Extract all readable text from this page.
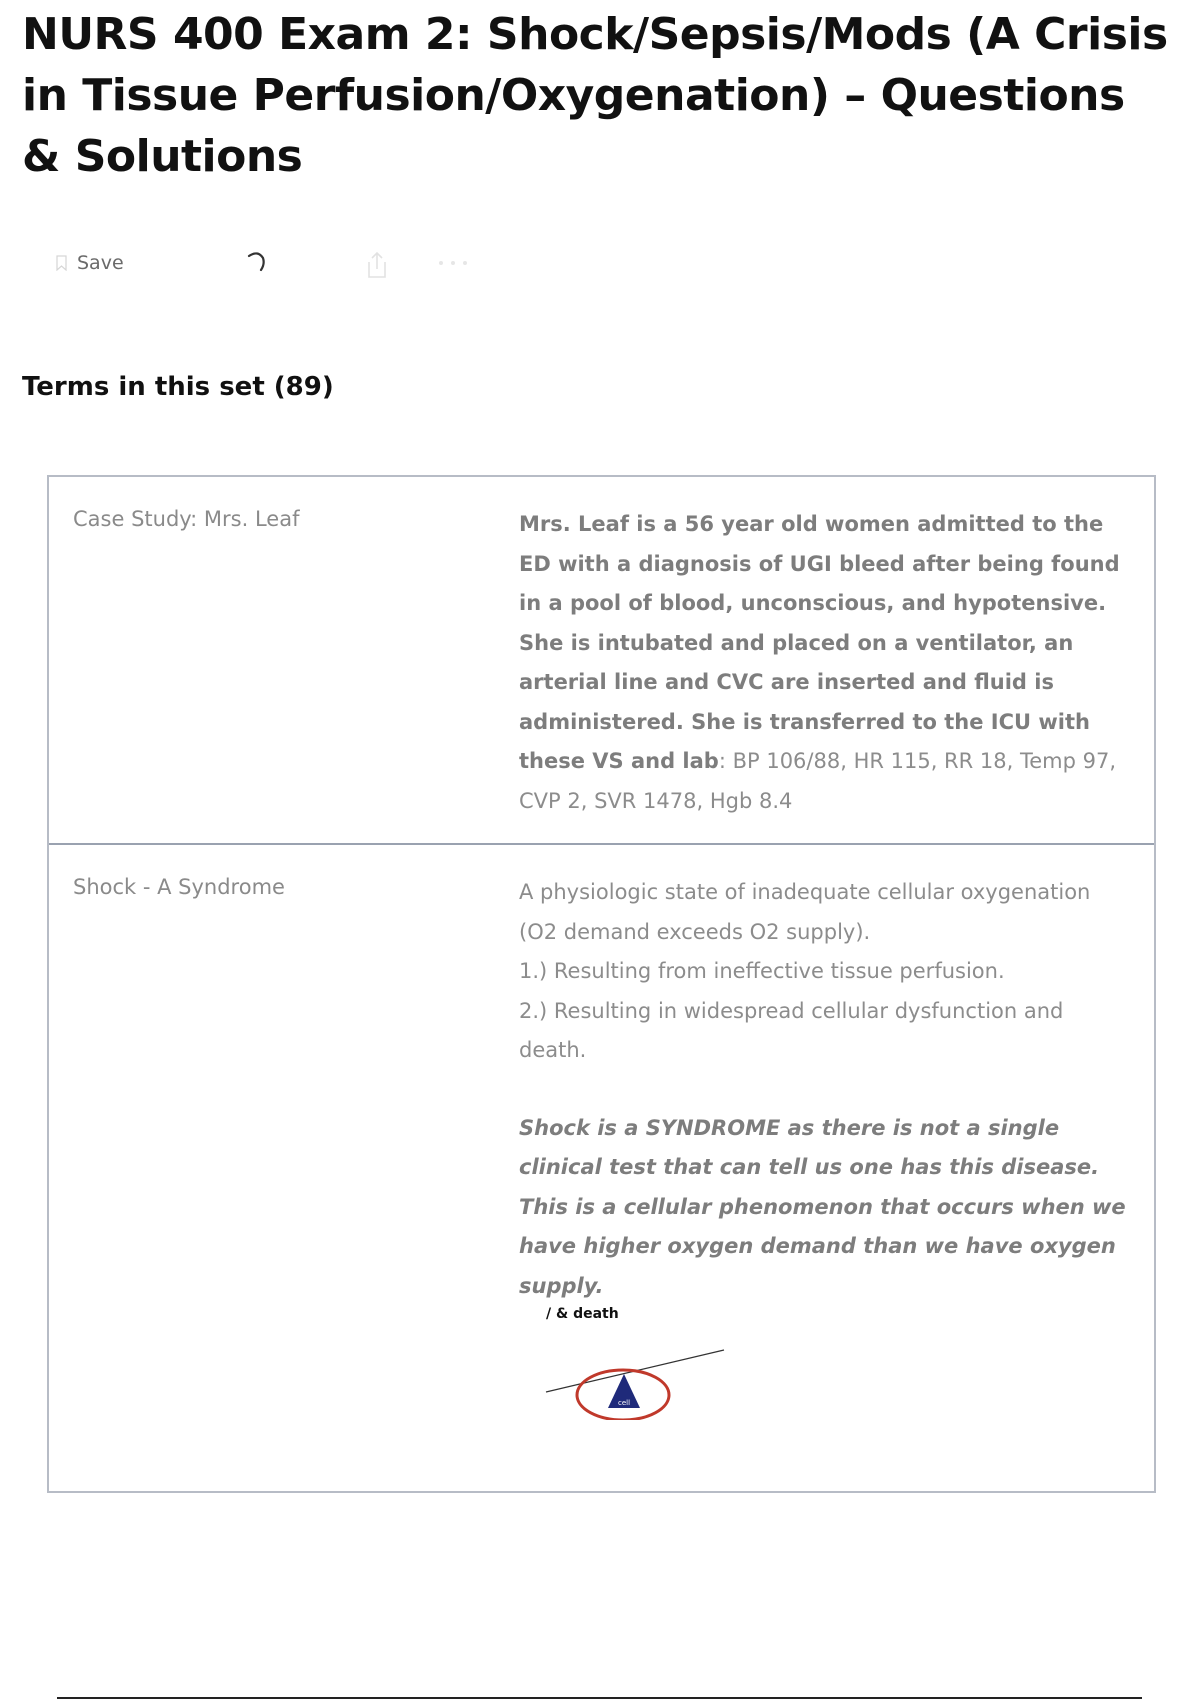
NURS 400 Exam 2: Shock/Sepsis/Mods (A Crisis in Tissue Perfusion/Oxygenation) – Questions & Solutions
Save
Terms in this set (89)
Case Study: Mrs. Leaf	Mrs. Leaf is a 56 year old women admitted to the ED with a diagnosis of UGI bleed after being found in a pool of blood, unconscious, and hypotensive. She is intubated and placed on a ventilator, an arterial line and CVC are inserted and fluid is administered. She is transferred to the ICU with these VS and lab: BP 106/88, HR 115, RR 18, Temp 97, CVP 2, SVR 1478, Hgb 8.4
Shock - A Syndrome	A physiologic state of inadequate cellular oxygenation (O2 demand exceeds O2 supply).
1.) Resulting from ineffective tissue perfusion.
2.) Resulting in widespread cellular dysfunction and death.
Shock is a SYNDROME as there is not a single clinical test that can tell us one has this disease. This is a cellular phenomenon that occurs when we have higher oxygen demand than we have oxygen supply.
/ & death
cell
